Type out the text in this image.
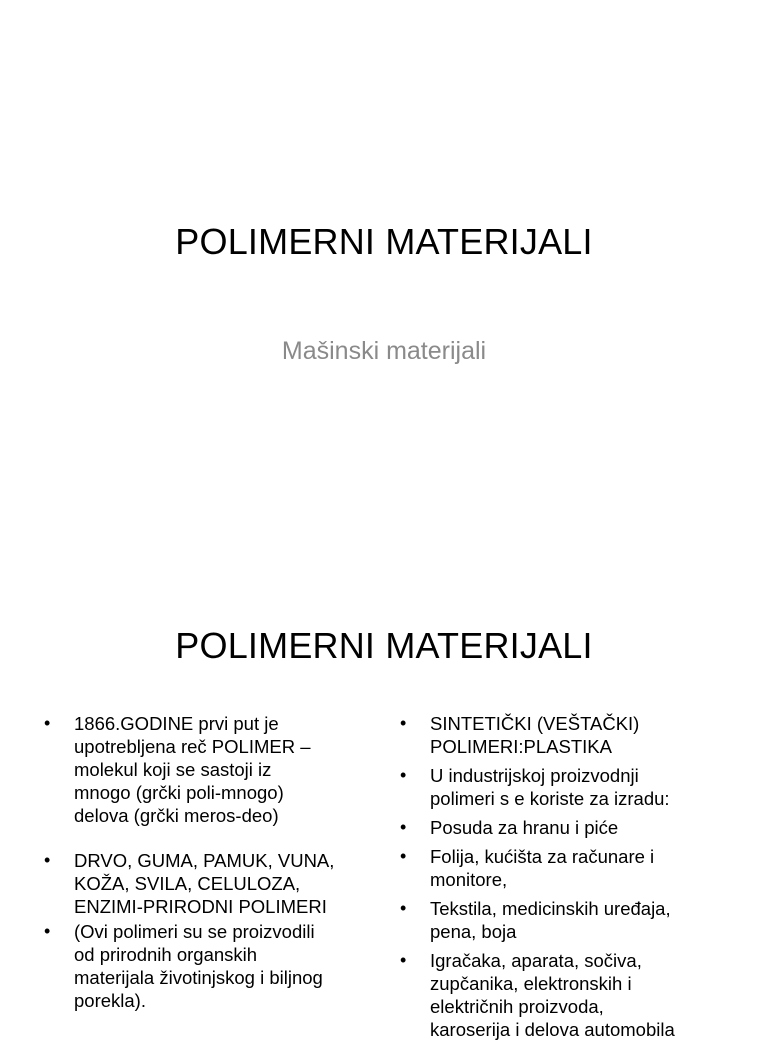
POLIMERNI MATERIJALI
Mašinski materijali
POLIMERNI MATERIJALI
• 1866.GODINE prvi put je
upotrebljena reč POLIMER –
molekul koji se sastoji iz
mnogo (grčki poli-mnogo)
delova (grčki meros-deo)
• DRVO, GUMA, PAMUK, VUNA,
KOŽA, SVILA, CELULOZA,
ENZIMI-PRIRODNI POLIMERI
• (Ovi polimeri su se proizvodili
od prirodnih organskih
materijala životinjskog i biljnog
porekla).
• SINTETIČKI (VEŠTAČKI)
POLIMERI:PLASTIKA
• U industrijskoj proizvodnji
polimeri s e koriste za izradu:
• Posuda za hranu i piće
• Folija, kućišta za računare i
monitore,
• Tekstila, medicinskih uređaja,
pena, boja
• Igračaka, aparata, sočiva,
zupčanika, elektronskih i
električnih proizvoda,
karoserija i delova automobila
